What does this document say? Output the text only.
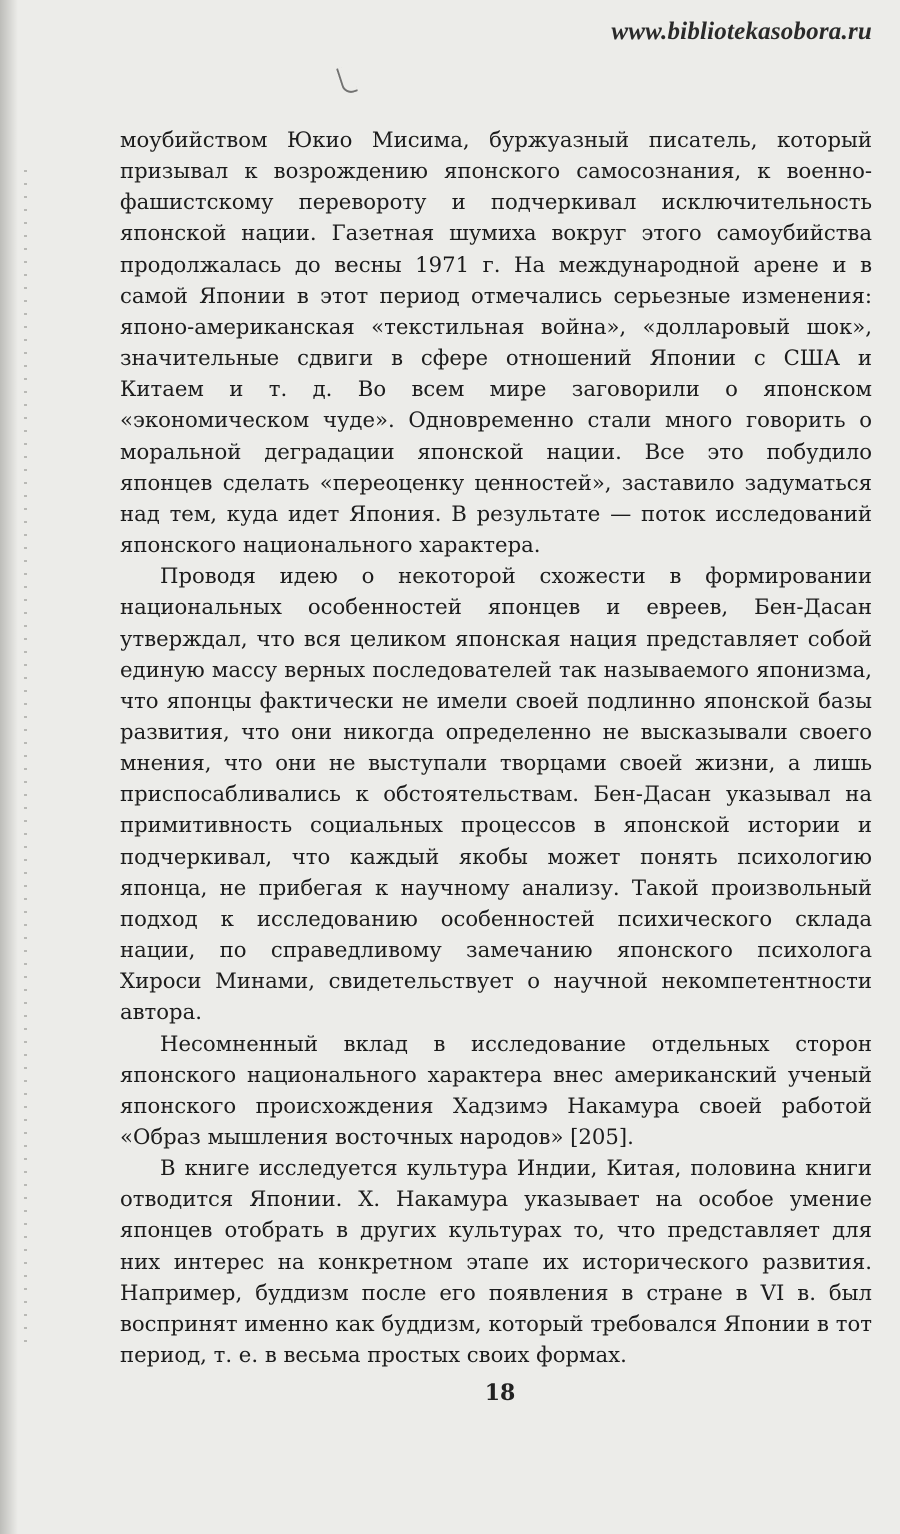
www.bibliotekasobora.ru

моубийством Юкио Мисима, буржуазный писатель, который призывал к возрождению японского самосознания, к военно-фашистскому перевороту и подчеркивал исключительность японской нации. Газетная шумиха вокруг этого самоубийства продолжалась до весны 1971 г. На международной арене и в самой Японии в этот период отмечались серьезные изменения: японо-американская «текстильная война», «долларовый шок», значительные сдвиги в сфере отношений Японии с США и Китаем и т. д. Во всем мире заговорили о японском «экономическом чуде». Одновременно стали много говорить о моральной деградации японской нации. Все это побудило японцев сделать «переоценку ценностей», заставило задуматься над тем, куда идет Япония. В результате — поток исследований японского национального характера.

Проводя идею о некоторой схожести в формировании национальных особенностей японцев и евреев, Бен-Дасан утверждал, что вся целиком японская нация представляет собой единую массу верных последователей так называемого японизма, что японцы фактически не имели своей подлинно японской базы развития, что они никогда определенно не высказывали своего мнения, что они не выступали творцами своей жизни, а лишь приспосабливались к обстоятельствам. Бен-Дасан указывал на примитивность социальных процессов в японской истории и подчеркивал, что каждый якобы может понять психологию японца, не прибегая к научному анализу. Такой произвольный подход к исследованию особенностей психического склада нации, по справедливому замечанию японского психолога Хироси Минами, свидетельствует о научной некомпетентности автора.

Несомненный вклад в исследование отдельных сторон японского национального характера внес американский ученый японского происхождения Хадзимэ Накамура своей работой «Образ мышления восточных народов» [205].

В книге исследуется культура Индии, Китая, половина книги отводится Японии. Х. Накамура указывает на особое умение японцев отобрать в других культурах то, что представляет для них интерес на конкретном этапе их исторического развития. Например, буддизм после его появления в стране в VI в. был воспринят именно как буддизм, который требовался Японии в тот период, т. е. в весьма простых своих формах.

18
